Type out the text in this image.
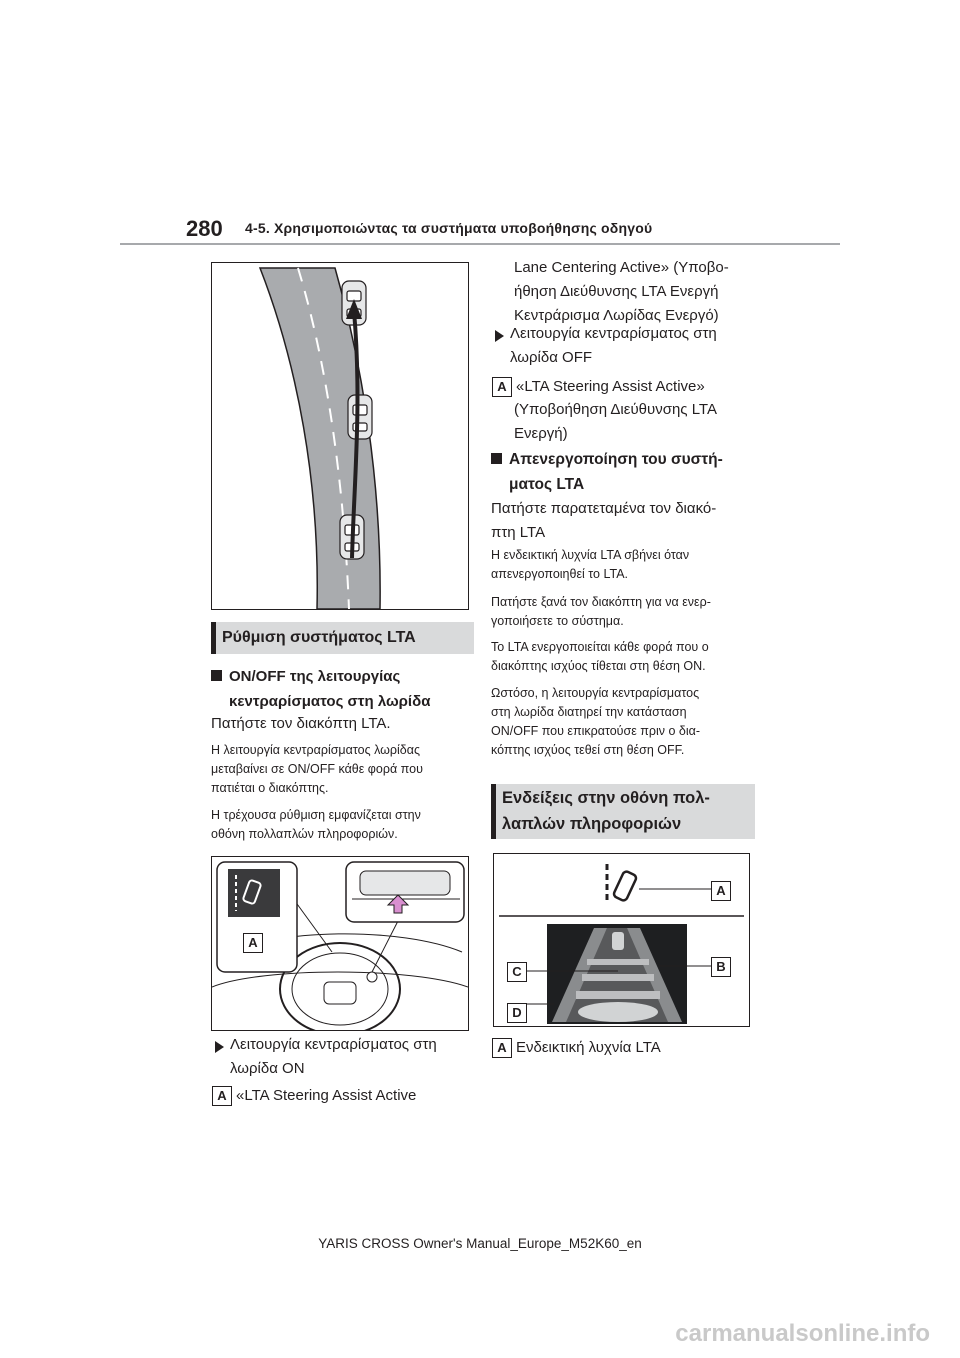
280 4-5. Χρησιμοποιώντας τα συστήματα υποβοήθησης οδηγού
Ρύθμιση συστήματος LTA
ON/OFF της λειτουργίας
κεντραρίσματος στη λωρίδα
Πατήστε τον διακόπτη LTA.
Η λειτουργία κεντραρίσματος λωρίδας
μεταβαίνει σε ON/OFF κάθε φορά που
πατιέται ο διακόπτης.
Η τρέχουσα ρύθμιση εμφανίζεται στην
οθόνη πολλαπλών πληροφοριών.
A
Λειτουργία κεντραρίσματος στη
λωρίδα ON
A «LTA Steering Assist Active
Lane Centering Active» (Υποβο-
ήθηση Διεύθυνσης LTA Ενεργή
Κεντράρισμα Λωρίδας Ενεργό)
Λειτουργία κεντραρίσματος στη
λωρίδα OFF
A «LTA Steering Assist Active»
(Υποβοήθηση Διεύθυνσης LTA
Ενεργή)
Απενεργοποίηση του συστή-
ματος LTA
Πατήστε παρατεταμένα τον διακό-
πτη LTA
Η ενδεικτική λυχνία LTA σβήνει όταν
απενεργοποιηθεί το LTA.
Πατήστε ξανά τον διακόπτη για να ενερ-
γοποιήσετε το σύστημα.
Το LTA ενεργοποιείται κάθε φορά που ο
διακόπτης ισχύος τίθεται στη θέση ON.
Ωστόσο, η λειτουργία κεντραρίσματος
στη λωρίδα διατηρεί την κατάσταση
ON/OFF που επικρατούσε πριν ο δια-
κόπτης ισχύος τεθεί στη θέση OFF.
Ενδείξεις στην οθόνη πολ-
λαπλών πληροφοριών
A
B
C
D
A Ενδεικτική λυχνία LTA
YARIS CROSS Owner's Manual_Europe_M52K60_en
carmanualsonline.info
